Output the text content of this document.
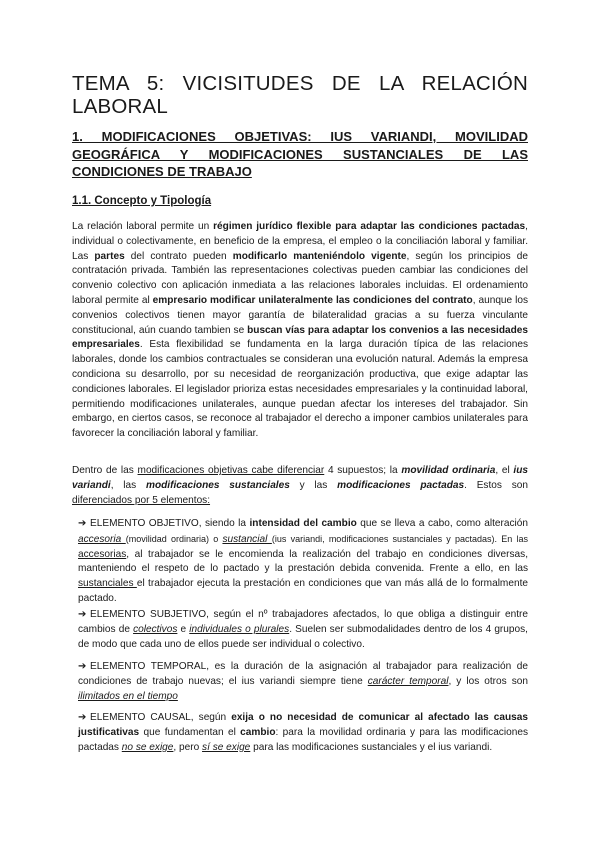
TEMA 5: VICISITUDES DE LA RELACIÓN LABORAL
1. MODIFICACIONES OBJETIVAS: IUS VARIANDI, MOVILIDAD GEOGRÁFICA Y MODIFICACIONES SUSTANCIALES DE LAS CONDICIONES DE TRABAJO
1.1. Concepto y Tipología
La relación laboral permite un régimen jurídico flexible para adaptar las condiciones pactadas, individual o colectivamente, en beneficio de la empresa, el empleo o la conciliación laboral y familiar. Las partes del contrato pueden modificarlo manteniéndolo vigente, según los principios de contratación privada. También las representaciones colectivas pueden cambiar las condiciones del convenio colectivo con aplicación inmediata a las relaciones laborales incluidas. El ordenamiento laboral permite al empresario modificar unilateralmente las condiciones del contrato, aunque los convenios colectivos tienen mayor garantía de bilateralidad gracias a su fuerza vinculante constitucional, aún cuando tambien se buscan vías para adaptar los convenios a las necesidades empresariales. Esta flexibilidad se fundamenta en la larga duración típica de las relaciones laborales, donde los cambios contractuales se consideran una evolución natural. Además la empresa condiciona su desarrollo, por su necesidad de reorganización productiva, que exige adaptar las condiciones laborales. El legislador prioriza estas necesidades empresariales y la continuidad laboral, permitiendo modificaciones unilaterales, aunque puedan afectar los intereses del trabajador. Sin embargo, en ciertos casos, se reconoce al trabajador el derecho a imponer cambios unilaterales para favorecer la conciliación laboral y familiar.
Dentro de las modificaciones objetivas cabe diferenciar 4 supuestos; la movilidad ordinaria, el ius variandi, las modificaciones sustanciales y las modificaciones pactadas. Estos son diferenciados por 5 elementos:
➔ ELEMENTO OBJETIVO, siendo la intensidad del cambio que se lleva a cabo, como alteración accesoria (movilidad ordinaria) o sustancial (ius variandi, modificaciones sustanciales y pactadas). En las accesorias, al trabajador se le encomienda la realización del trabajo en condiciones diversas, manteniendo el respeto de lo pactado y la prestación debida convenida. Frente a ello, en las sustanciales el trabajador ejecuta la prestación en condiciones que van más allá de lo formalmente pactado.
➔ ELEMENTO SUBJETIVO, según el nº trabajadores afectados, lo que obliga a distinguir entre cambios de colectivos e individuales o plurales. Suelen ser submodalidades dentro de los 4 grupos, de modo que cada uno de ellos puede ser individual o colectivo.
➔ ELEMENTO TEMPORAL, es la duración de la asignación al trabajador para realización de condiciones de trabajo nuevas; el ius variandi siempre tiene carácter temporal, y los otros son ilimitados en el tiempo
➔ ELEMENTO CAUSAL, según exija o no necesidad de comunicar al afectado las causas justificativas que fundamentan el cambio: para la movilidad ordinaria y para las modificaciones pactadas no se exige, pero sí se exige para las modificaciones sustanciales y el ius variandi.
